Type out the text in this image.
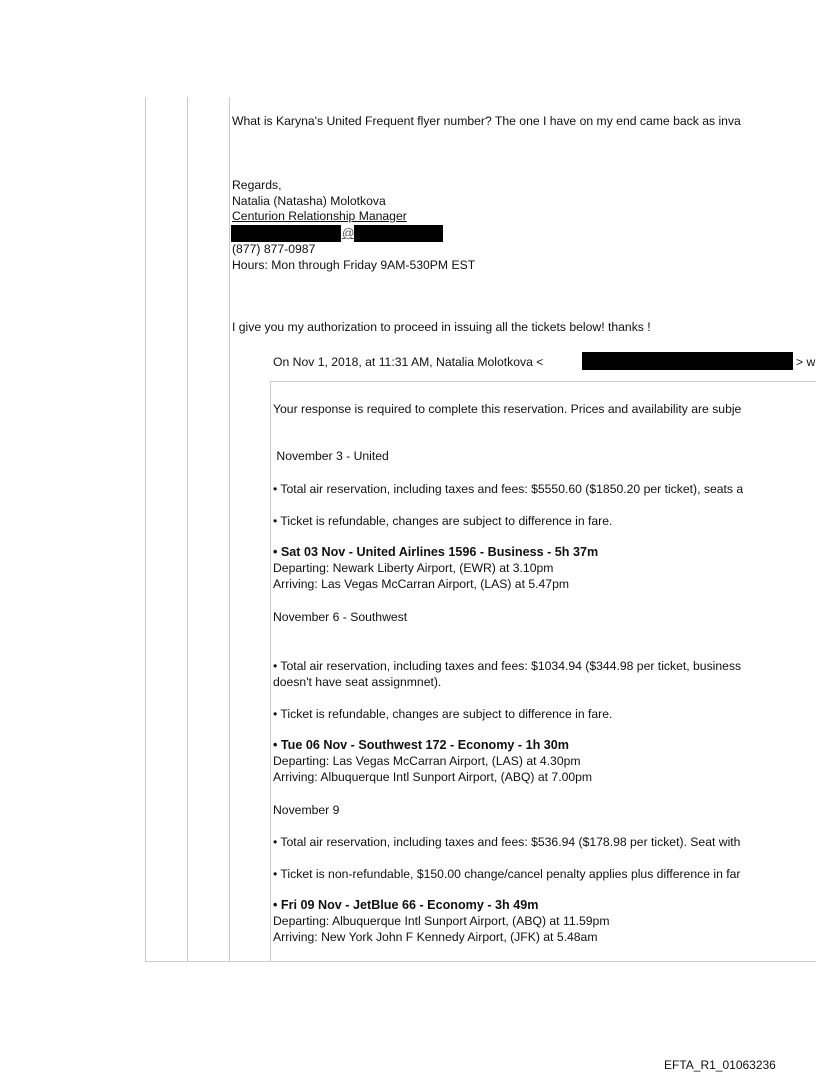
What is Karyna's United Frequent flyer number? The one I have on my end came back as inva
Regards,
Natalia (Natasha) Molotkova
Centurion Relationship Manager
@
(877) 877-0987
Hours: Mon through Friday 9AM-530PM EST
I give you my authorization to proceed in issuing all the tickets below! thanks !
On Nov 1, 2018, at 11:31 AM, Natalia Molotkova <	> w
Your response is required to complete this reservation. Prices and availability are subje
November 3 - United
• Total air reservation, including taxes and fees: $5550.60 ($1850.20 per ticket), seats a
• Ticket is refundable, changes are subject to difference in fare.
• Sat 03 Nov - United Airlines 1596 - Business - 5h 37m
Departing: Newark Liberty Airport, (EWR) at 3.10pm
Arriving: Las Vegas McCarran Airport, (LAS) at 5.47pm
November 6 - Southwest
• Total air reservation, including taxes and fees: $1034.94 ($344.98 per ticket, business
doesn't have seat assignmnet).
• Ticket is refundable, changes are subject to difference in fare.
• Tue 06 Nov - Southwest 172 - Economy - 1h 30m
Departing: Las Vegas McCarran Airport, (LAS) at 4.30pm
Arriving: Albuquerque Intl Sunport Airport, (ABQ) at 7.00pm
November 9
• Total air reservation, including taxes and fees: $536.94 ($178.98 per ticket). Seat with
• Ticket is non-refundable, $150.00 change/cancel penalty applies plus difference in far
• Fri 09 Nov - JetBlue 66 - Economy - 3h 49m
Departing: Albuquerque Intl Sunport Airport, (ABQ) at 11.59pm
Arriving: New York John F Kennedy Airport, (JFK) at 5.48am
EFTA_R1_01063236
